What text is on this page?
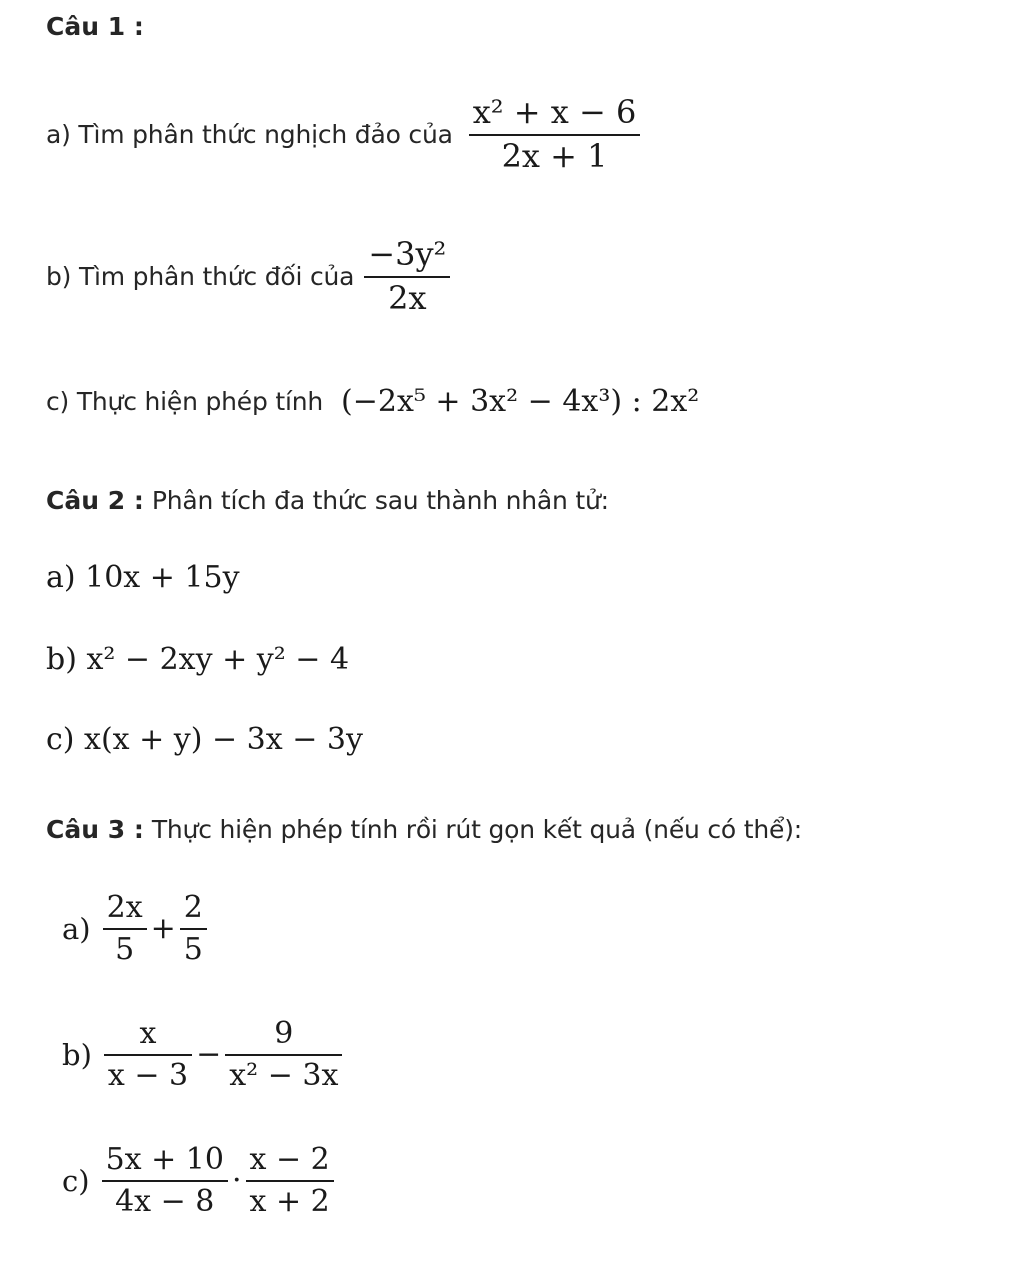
Câu 1 :
a) Tìm phân thức nghịch đảo của $\frac{\text{x² + x − 6}}{2x + 1}$
b) Tìm phân thức đối của $\frac{\text{−3y²}}{2x}$
c) Thực hiện phép tính (−2x⁵ + 3x² − 4x³) : 2x²
Câu 2 : Phân tích đa thức sau thành nhân tử:
a) 10x + 15y
b) x² − 2xy + y² − 4
c) x(x + y) − 3x − 3y
Câu 3 : Thực hiện phép tính rồi rút gọn kết quả (nếu có thể):
$a) \frac{2x}{5} + \frac{2}{5}$
$b) \frac{x}{x - 3} - \frac{9}{\text{x² − 3x}}$
$c) \frac{5x + 10}{4x - 8} \cdot \frac{x - 2}{x + 2}$
